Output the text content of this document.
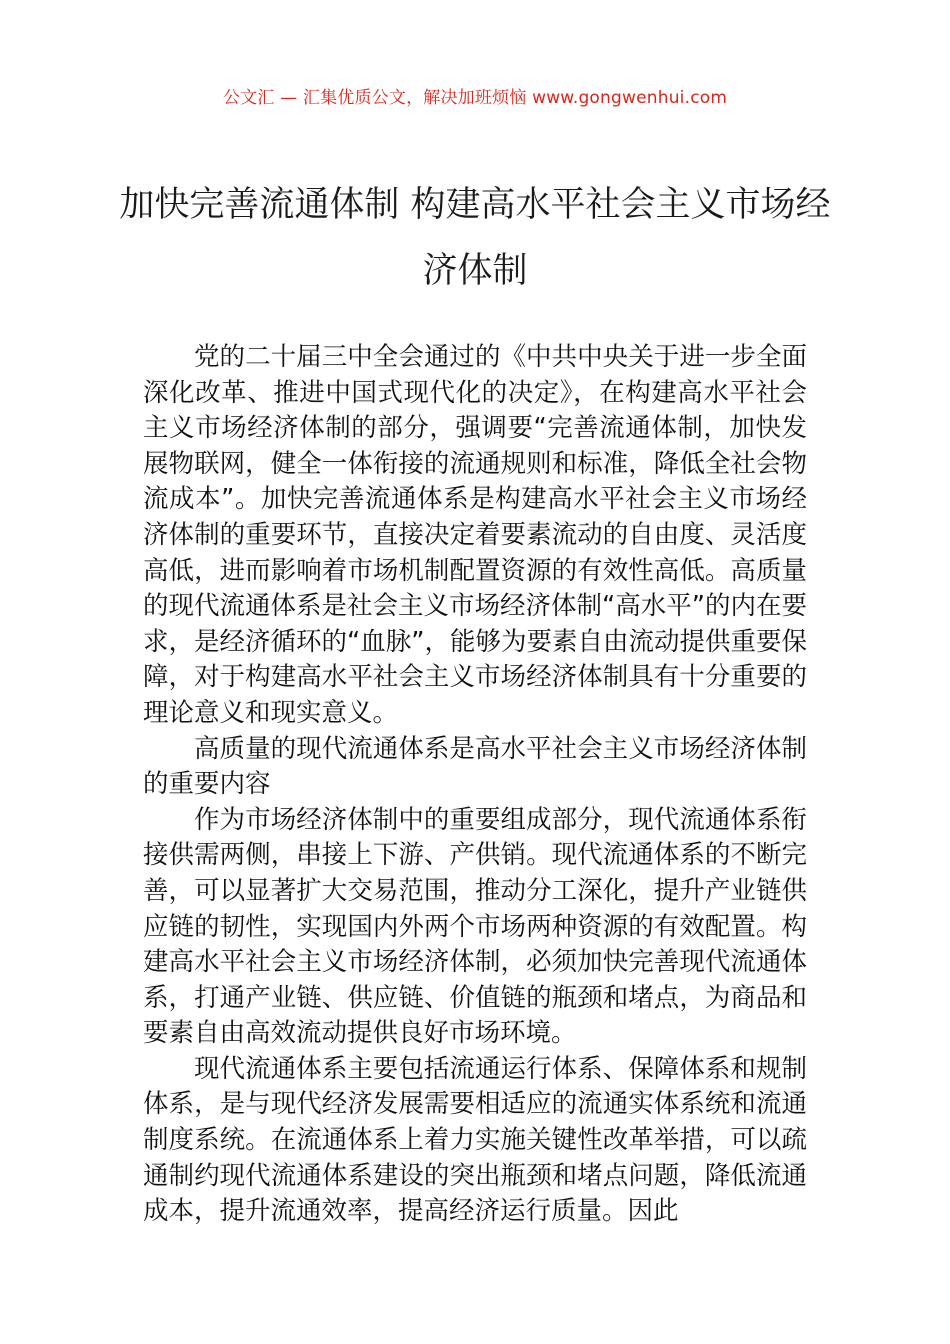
公文汇 — 汇集优质公文，解决加班烦恼 www.gongwenhui.com
加快完善流通体制 构建高水平社会主义市场经济体制

党的二十届三中全会通过的《中共中央关于进一步全面深化改革、推进中国式现代化的决定》，在构建高水平社会主义市场经济体制的部分，强调要“完善流通体制，加快发展物联网，健全一体衔接的流通规则和标准，降低全社会物流成本”。加快完善流通体系是构建高水平社会主义市场经济体制的重要环节，直接决定着要素流动的自由度、灵活度高低，进而影响着市场机制配置资源的有效性高低。高质量的现代流通体系是社会主义市场经济体制“高水平”的内在要求，是经济循环的“血脉”，能够为要素自由流动提供重要保障，对于构建高水平社会主义市场经济体制具有十分重要的理论意义和现实意义。

高质量的现代流通体系是高水平社会主义市场经济体制的重要内容

作为市场经济体制中的重要组成部分，现代流通体系衔接供需两侧，串接上下游、产供销。现代流通体系的不断完善，可以显著扩大交易范围，推动分工深化，提升产业链供应链的韧性，实现国内外两个市场两种资源的有效配置。构建高水平社会主义市场经济体制，必须加快完善现代流通体系，打通产业链、供应链、价值链的瓶颈和堵点，为商品和要素自由高效流动提供良好市场环境。

现代流通体系主要包括流通运行体系、保障体系和规制体系，是与现代经济发展需要相适应的流通实体系统和流通制度系统。在流通体系上着力实施关键性改革举措，可以疏通制约现代流通体系建设的突出瓶颈和堵点问题，降低流通成本，提升流通效率，提高经济运行质量。因此
